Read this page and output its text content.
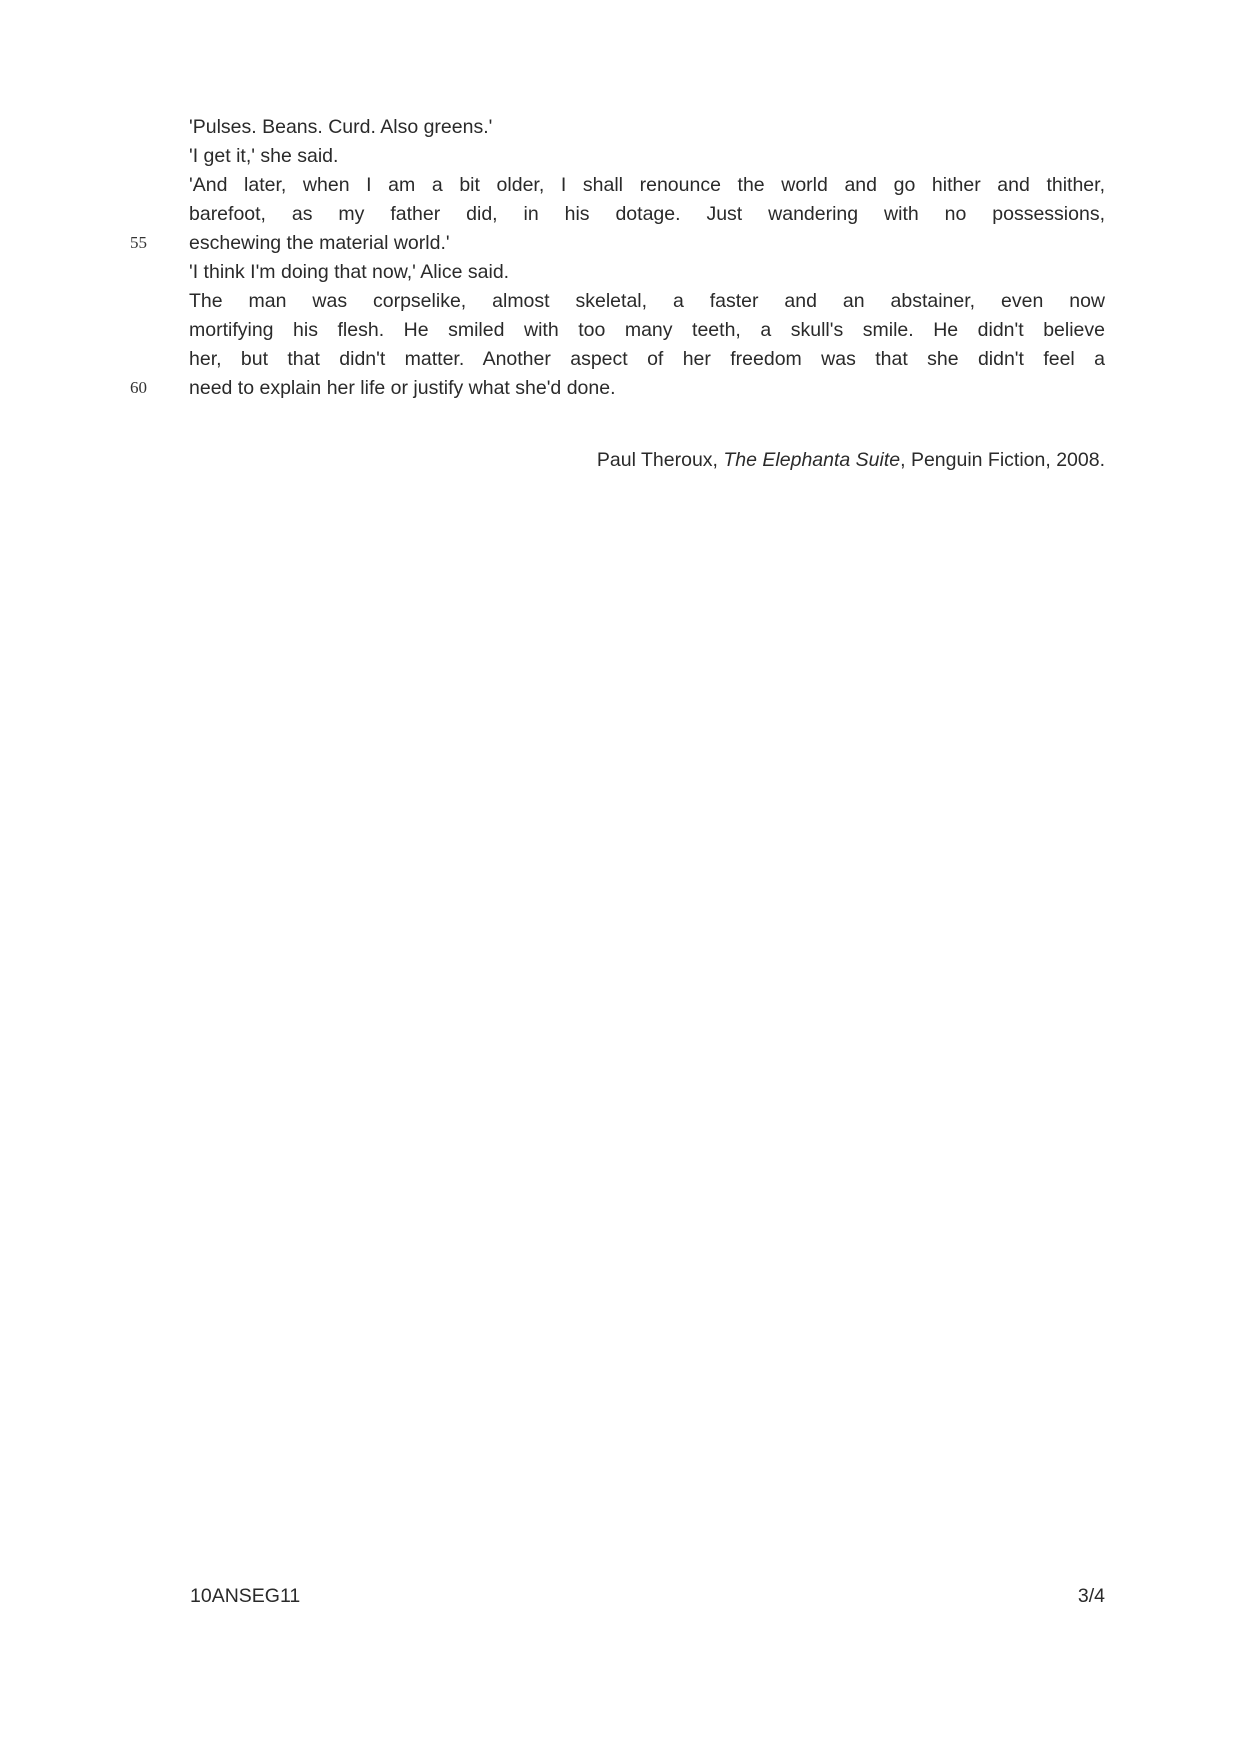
'Pulses. Beans. Curd. Also greens.'
'I get it,' she said.
'And later, when I am a bit older, I shall renounce the world and go hither and thither,
barefoot, as my father did, in his dotage. Just wandering with no possessions,
eschewing the material world.'
'I think I'm doing that now,' Alice said.
The man was corpselike, almost skeletal, a faster and an abstainer, even now
mortifying his flesh. He smiled with too many teeth, a skull's smile. He didn't believe
her, but that didn't matter. Another aspect of her freedom was that she didn't feel a
need to explain her life or justify what she'd done.
55
60
Paul Theroux, The Elephanta Suite, Penguin Fiction, 2008.
10ANSEG11	3/4
